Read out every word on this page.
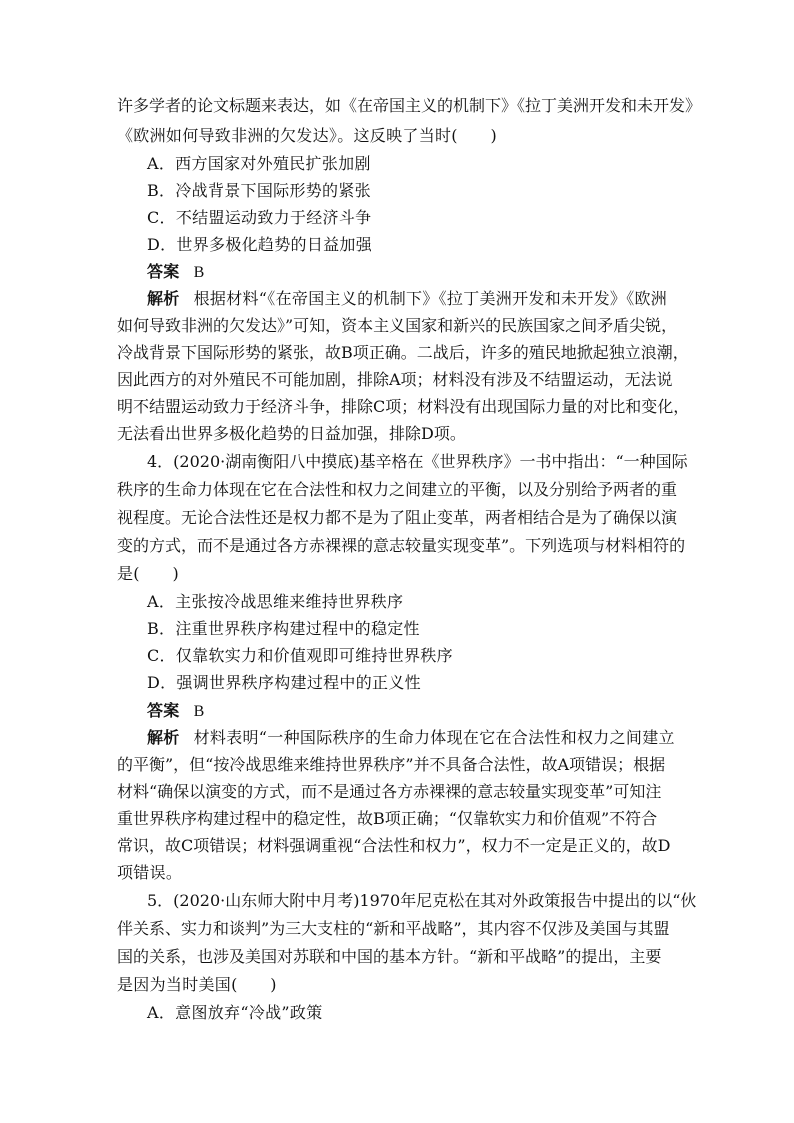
许多学者的论文标题来表达，如《在帝国主义的机制下》《拉丁美洲开发和未开发》
《欧洲如何导致非洲的欠发达》。这反映了当时(　　)
A．西方国家对外殖民扩张加剧
B．冷战背景下国际形势的紧张
C．不结盟运动致力于经济斗争
D．世界多极化趋势的日益加强
答案 B
解析 根据材料“《在帝国主义的机制下》《拉丁美洲开发和未开发》《欧洲
如何导致非洲的欠发达》”可知，资本主义国家和新兴的民族国家之间矛盾尖锐，
冷战背景下国际形势的紧张，故B项正确。二战后，许多的殖民地掀起独立浪潮，
因此西方的对外殖民不可能加剧，排除A项；材料没有涉及不结盟运动，无法说
明不结盟运动致力于经济斗争，排除C项；材料没有出现国际力量的对比和变化，
无法看出世界多极化趋势的日益加强，排除D项。
4．(2020·湖南衡阳八中摸底)基辛格在《世界秩序》一书中指出：“一种国际
秩序的生命力体现在它在合法性和权力之间建立的平衡，以及分别给予两者的重
视程度。无论合法性还是权力都不是为了阻止变革，两者相结合是为了确保以演
变的方式，而不是通过各方赤裸裸的意志较量实现变革”。下列选项与材料相符的
是(　　)
A．主张按冷战思维来维持世界秩序
B．注重世界秩序构建过程中的稳定性
C．仅靠软实力和价值观即可维持世界秩序
D．强调世界秩序构建过程中的正义性
答案 B
解析 材料表明“一种国际秩序的生命力体现在它在合法性和权力之间建立
的平衡”，但“按冷战思维来维持世界秩序”并不具备合法性，故A项错误；根据
材料“确保以演变的方式，而不是通过各方赤裸裸的意志较量实现变革”可知注
重世界秩序构建过程中的稳定性，故B项正确；“仅靠软实力和价值观”不符合
常识，故C项错误；材料强调重视“合法性和权力”，权力不一定是正义的，故D
项错误。
5．(2020·山东师大附中月考)1970年尼克松在其对外政策报告中提出的以“伙
伴关系、实力和谈判”为三大支柱的“新和平战略”，其内容不仅涉及美国与其盟
国的关系，也涉及美国对苏联和中国的基本方针。“新和平战略”的提出，主要
是因为当时美国(　　)
A．意图放弃“冷战”政策
